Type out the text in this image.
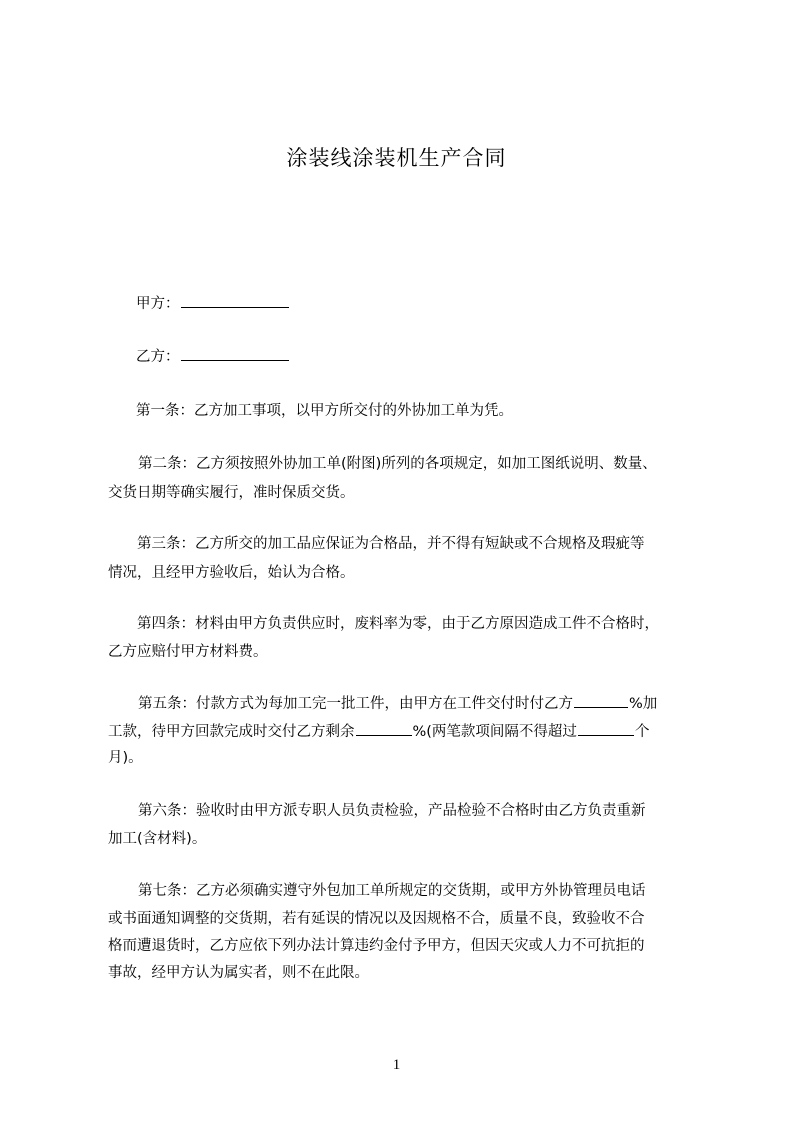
涂装线涂装机生产合同
甲方：
乙方：
第一条：乙方加工事项，以甲方所交付的外协加工单为凭。
第二条：乙方须按照外协加工单(附图)所列的各项规定，如加工图纸说明、数量、
交货日期等确实履行，准时保质交货。
第三条：乙方所交的加工品应保证为合格品，并不得有短缺或不合规格及瑕疵等
情况，且经甲方验收后，始认为合格。
第四条：材料由甲方负责供应时，废料率为零，由于乙方原因造成工件不合格时，
乙方应赔付甲方材料费。
第五条：付款方式为每加工完一批工件，由甲方在工件交付时付乙方	%加
工款，待甲方回款完成时交付乙方剩余	%(两笔款项间隔不得超过	个
月)。
第六条：验收时由甲方派专职人员负责检验，产品检验不合格时由乙方负责重新
加工(含材料)。
第七条：乙方必须确实遵守外包加工单所规定的交货期，或甲方外协管理员电话
或书面通知调整的交货期，若有延误的情况以及因规格不合，质量不良，致验收不合
格而遭退货时，乙方应依下列办法计算违约金付予甲方，但因天灾或人力不可抗拒的
事故，经甲方认为属实者，则不在此限。
1
